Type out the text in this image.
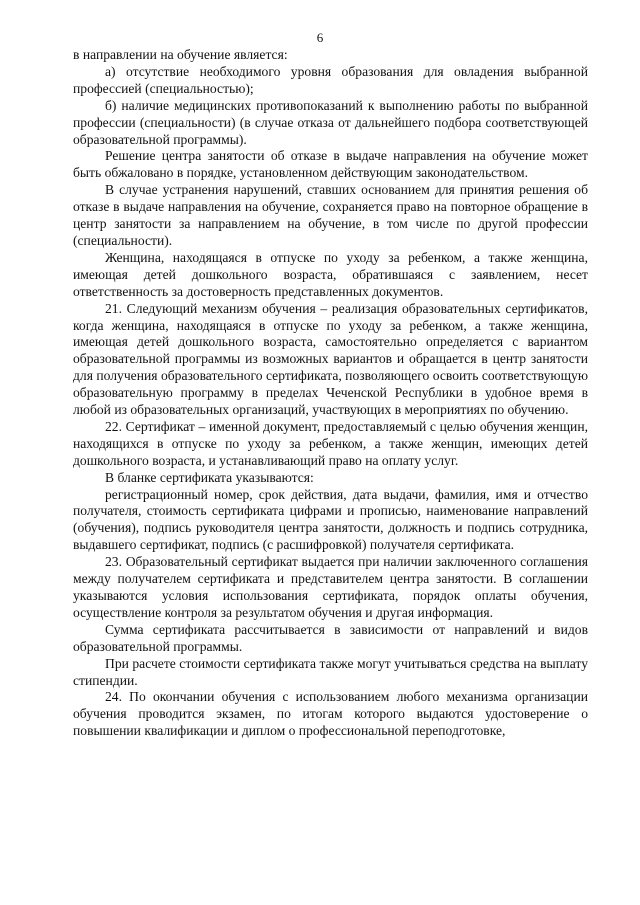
6

в направлении на обучение является:

а) отсутствие необходимого уровня образования для овладения выбранной профессией (специальностью);

б) наличие медицинских противопоказаний к выполнению работы по выбранной профессии (специальности) (в случае отказа от дальнейшего подбора соответствующей образовательной программы).

Решение центра занятости об отказе в выдаче направления на обучение может быть обжаловано в порядке, установленном действующим законодательством.

В случае устранения нарушений, ставших основанием для принятия решения об отказе в выдаче направления на обучение, сохраняется право на повторное обращение в центр занятости за направлением на обучение, в том числе по другой профессии (специальности).

Женщина, находящаяся в отпуске по уходу за ребенком, а также женщина, имеющая детей дошкольного возраста, обратившаяся с заявлением, несет ответственность за достоверность представленных документов.

21. Следующий механизм обучения – реализация образовательных сертификатов, когда женщина, находящаяся в отпуске по уходу за ребенком, а также женщина, имеющая детей дошкольного возраста, самостоятельно определяется с вариантом образовательной программы из возможных вариантов и обращается в центр занятости для получения образовательного сертификата, позволяющего освоить соответствующую образовательную программу в пределах Чеченской Республики в удобное время в любой из образовательных организаций, участвующих в мероприятиях по обучению.

22. Сертификат – именной документ, предоставляемый с целью обучения женщин, находящихся в отпуске по уходу за ребенком, а также женщин, имеющих детей дошкольного возраста, и устанавливающий право на оплату услуг.

В бланке сертификата указываются:

регистрационный номер, срок действия, дата выдачи, фамилия, имя и отчество получателя, стоимость сертификата цифрами и прописью, наименование направлений (обучения), подпись руководителя центра занятости, должность и подпись сотрудника, выдавшего сертификат, подпись (с расшифровкой) получателя сертификата.

23. Образовательный сертификат выдается при наличии заключенного соглашения между получателем сертификата и представителем центра занятости. В соглашении указываются условия использования сертификата, порядок оплаты обучения, осуществление контроля за результатом обучения и другая информация.

Сумма сертификата рассчитывается в зависимости от направлений и видов образовательной программы.

При расчете стоимости сертификата также могут учитываться средства на выплату стипендии.

24. По окончании обучения с использованием любого механизма организации обучения проводится экзамен, по итогам которого выдаются удостоверение о повышении квалификации и диплом о профессиональной переподготовке,
